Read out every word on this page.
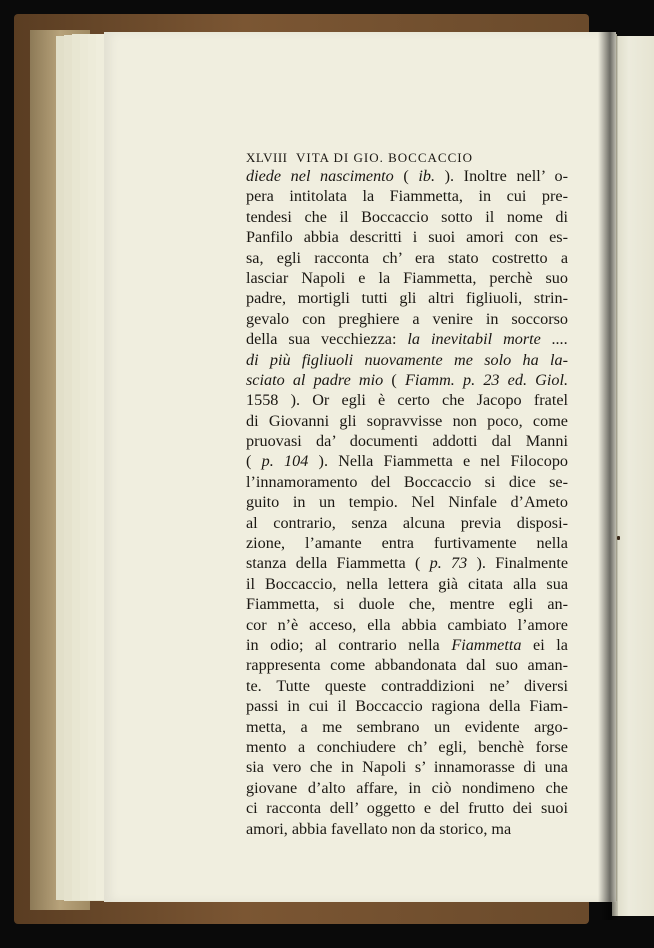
XLVIII VITA DI GIO. BOCCACCIO
diede nel nascimento ( ib. ). Inoltre nell’ o-
pera intitolata la Fiammetta, in cui pre-
tendesi che il Boccaccio sotto il nome di
Panfilo abbia descritti i suoi amori con es-
sa, egli racconta ch’ era stato costretto a
lasciar Napoli e la Fiammetta, perchè suo
padre, mortigli tutti gli altri figliuoli, strin-
gevalo con preghiere a venire in soccorso
della sua vecchiezza: la inevitabil morte ....
di più figliuoli nuovamente me solo ha la-
sciato al padre mio ( Fiamm. p. 23 ed. Giol.
1558 ). Or egli è certo che Jacopo fratel
di Giovanni gli sopravvisse non poco, come
pruovasi da’ documenti addotti dal Manni
( p. 104 ). Nella Fiammetta e nel Filocopo
l’innamoramento del Boccaccio si dice se-
guito in un tempio. Nel Ninfale d’Ameto
al contrario, senza alcuna previa disposi-
zione, l’amante entra furtivamente nella
stanza della Fiammetta ( p. 73 ). Finalmente
il Boccaccio, nella lettera già citata alla sua
Fiammetta, si duole che, mentre egli an-
cor n’è acceso, ella abbia cambiato l’amore
in odio; al contrario nella Fiammetta ei la
rappresenta come abbandonata dal suo aman-
te. Tutte queste contraddizioni ne’ diversi
passi in cui il Boccaccio ragiona della Fiam-
metta, a me sembrano un evidente argo-
mento a conchiudere ch’ egli, benchè forse
sia vero che in Napoli s’ innamorasse di una
giovane d’alto affare, in ciò nondimeno che
ci racconta dell’ oggetto e del frutto dei suoi
amori, abbia favellato non da storico, ma
